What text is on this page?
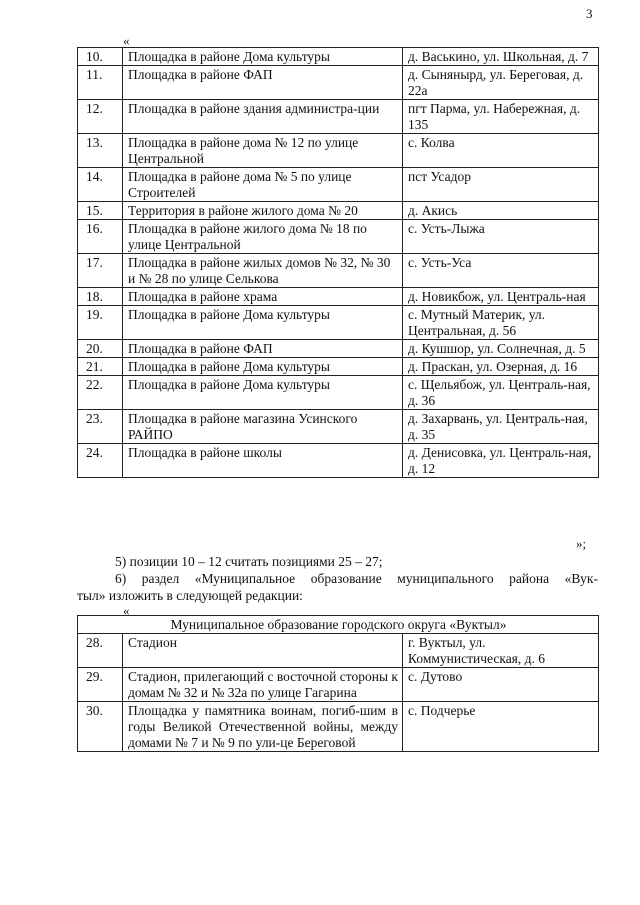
3
«
10.	Площадка в районе Дома культуры	д. Васькино, ул. Школьная, д. 7
11.	Площадка в районе ФАП	д. Сынянырд, ул. Береговая, д. 22а
12.	Площадка в районе здания администра-ции	пгт Парма, ул. Набережная, д. 135
13.	Площадка в районе дома № 12 по улице Центральной	с. Колва
14.	Площадка в районе дома № 5 по улице Строителей	пст Усадор
15.	Территория в районе жилого дома № 20	д. Акись
16.	Площадка в районе жилого дома № 18 по улице Центральной	с. Усть-Лыжа
17.	Площадка в районе жилых домов № 32, № 30 и № 28 по улице Селькова	с. Усть-Уса
18.	Площадка в районе храма	д. Новикбож, ул. Централь-ная
19.	Площадка в районе Дома культуры	с. Мутный Материк, ул. Центральная, д. 56
20.	Площадка в районе ФАП	д. Кушшор, ул. Солнечная, д. 5
21.	Площадка в районе Дома культуры	д. Праскан, ул. Озерная, д. 16
22.	Площадка в районе Дома культуры	с. Щельябож, ул. Централь-ная, д. 36
23.	Площадка в районе магазина Усинского РАЙПО	д. Захарвань, ул. Централь-ная, д. 35
24.	Площадка в районе школы	д. Денисовка, ул. Централь-ная, д. 12
»;
5) позиции 10 – 12 считать позициями 25 – 27;
6) раздел «Муниципальное образование муниципального района «Вук-
тыл» изложить в следующей редакции:
«
Муниципальное образование городского округа «Вуктыл»		
28.	Стадион	г. Вуктыл, ул. Коммунистическая, д. 6
29.	Стадион, прилегающий с восточной стороны к домам № 32 и № 32а по улице Гагарина	с. Дутово
30.	Площадка у памятника воинам, погиб-шим в годы Великой Отечественной войны, между домами № 7 и № 9 по ули-це Береговой	с. Подчерье
